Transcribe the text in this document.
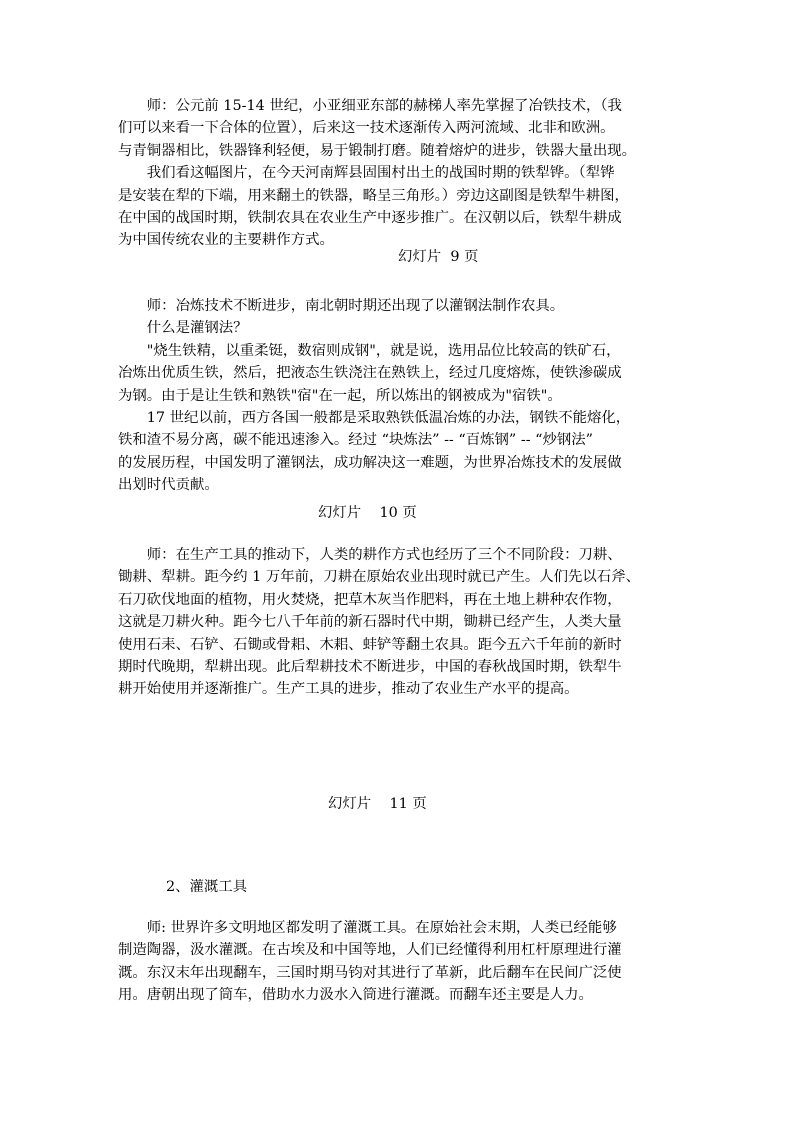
　　师：公元前 15-14 世纪，小亚细亚东部的赫梯人率先掌握了冶铁技术，（我
们可以来看一下合体的位置），后来这一技术逐渐传入两河流域、北非和欧洲。
与青铜器相比，铁器锋利轻便，易于锻制打磨。随着熔炉的进步，铁器大量出现。
　　我们看这幅图片，在今天河南辉县固围村出土的战国时期的铁犁铧。（犁铧
是安装在犁的下端，用来翻土的铁器，略呈三角形。）旁边这副图是铁犁牛耕图，
在中国的战国时期，铁制农具在农业生产中逐步推广。在汉朝以后，铁犁牛耕成
为中国传统农业的主要耕作方式。
幻灯片  9 页
　　师：冶炼技术不断进步，南北朝时期还出现了以灌钢法制作农具。
　　什么是灌钢法？
　　"烧生铁精，以重柔铤，数宿则成钢"，就是说，选用品位比较高的铁矿石，
冶炼出优质生铁，然后，把液态生铁浇注在熟铁上，经过几度熔炼，使铁渗碳成
为钢。由于是让生铁和熟铁"宿"在一起，所以炼出的钢被成为"宿铁"。
　　17 世纪以前，西方各国一般都是采取熟铁低温冶炼的办法，钢铁不能熔化，
铁和渣不易分离，碳不能迅速渗入。经过 “块炼法” -- “百炼钢” -- “炒钢法”
的发展历程，中国发明了灌钢法，成功解决这一难题，为世界冶炼技术的发展做
出划时代贡献。
幻灯片    10 页
　　师：在生产工具的推动下，人类的耕作方式也经历了三个不同阶段：刀耕、
锄耕、犁耕。距今约 1 万年前，刀耕在原始农业出现时就已产生。人们先以石斧、
石刀砍伐地面的植物，用火焚烧，把草木灰当作肥料，再在土地上耕种农作物，
这就是刀耕火种。距今七八千年前的新石器时代中期，锄耕已经产生，人类大量
使用石耒、石铲、石锄或骨耜、木耜、蚌铲等翻土农具。距今五六千年前的新时
期时代晚期，犁耕出现。此后犁耕技术不断进步，中国的春秋战国时期，铁犁牛
耕开始使用并逐渐推广。生产工具的进步，推动了农业生产水平的提高。
幻灯片    11 页
2、灌溉工具
　　师: 世界许多文明地区都发明了灌溉工具。在原始社会末期，人类已经能够
制造陶器，汲水灌溉。在古埃及和中国等地，人们已经懂得利用杠杆原理进行灌
溉。东汉末年出现翻车，三国时期马钧对其进行了革新，此后翻车在民间广泛使
用。唐朝出现了筒车，借助水力汲水入筒进行灌溉。而翻车还主要是人力。
